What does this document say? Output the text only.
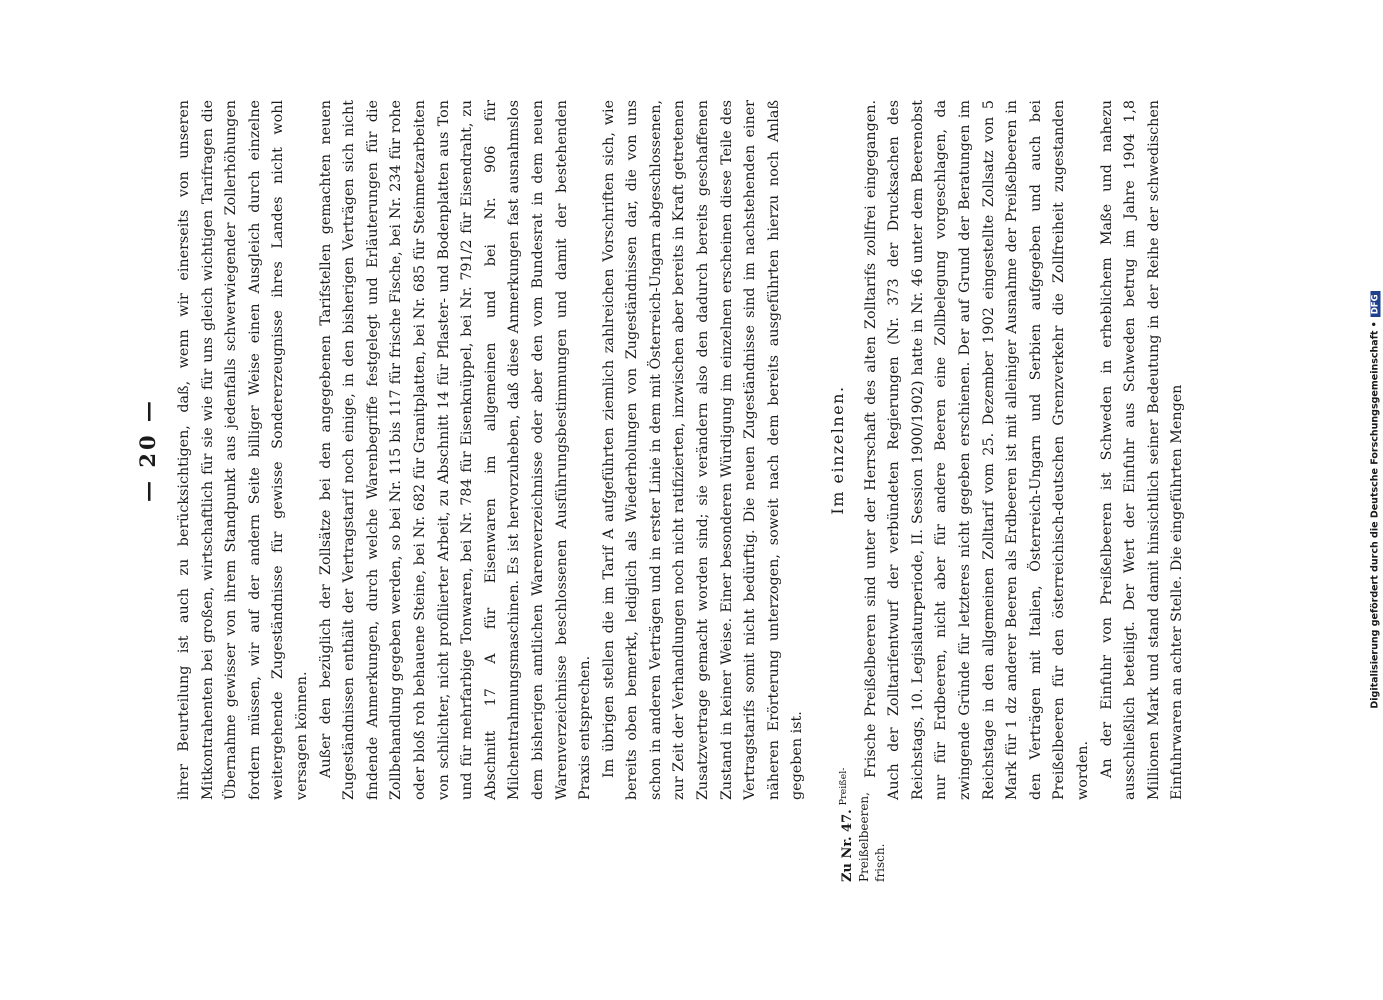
— 20 —	ihrer Beurteilung ist auch zu berücksichtigen, daß, wenn wir einerseits von unseren Mitkontrahenten bei großen, wirtschaftlich für sie wie für uns gleich wichtigen Tarifragen die Übernahme gewisser von ihrem Standpunkt aus jedenfalls schwerwiegender Zollerhöhungen fordern müssen, wir auf der andern Seite billiger Weise einen Ausgleich durch einzelne weitergehende Zugeständnisse für gewisse Sondererzeugnisse ihres Landes nicht wohl versagen können. Außer den bezüglich der Zollsätze bei den angegebenen Tarifstellen gemachten neuen Zugeständnissen enthält der Vertragstarif noch einige, in den bisherigen Verträgen sich nicht findende Anmerkungen, durch welche Warenbegriffe festgelegt und Erläuterungen für die Zollbehandlung gegeben werden, so bei Nr. 115 bis 117 für frische Fische, bei Nr. 234 für rohe oder bloß roh behauene Steine, bei Nr. 682 für Granitplatten, bei Nr. 685 für Steinmetzarbeiten von schlichter, nicht profilierter Arbeit, zu Abschnitt 14 für Pflaster- und Bodenplatten aus Ton und für mehrfarbige Tonwaren, bei Nr. 784 für Eisenknüppel, bei Nr. 791/2 für Eisendraht, zu Abschnitt 17 A für Eisenwaren im allgemeinen und bei Nr. 906 für Milchentrahmungsmaschinen. Es ist hervorzuheben, daß diese Anmerkungen fast ausnahmslos dem bisherigen amtlichen Warenverzeichnisse oder aber den vom Bundesrat in dem neuen Warenverzeichnisse beschlossenen Ausführungsbestimmungen und damit der bestehenden Praxis entsprechen. Im übrigen stellen die im Tarif A aufgeführten ziemlich zahlreichen Vorschriften sich, wie bereits oben bemerkt, lediglich als Wiederholungen von Zugeständnissen dar, die von uns schon in anderen Verträgen und in erster Linie in dem mit Österreich-Ungarn abgeschlossenen, zur Zeit der Verhandlungen noch nicht ratifizierten, inzwischen aber bereits in Kraft getretenen Zusatzvertrage gemacht worden sind; sie verändern also den dadurch bereits geschaffenen Zustand in keiner Weise. Einer besonderen Würdigung im einzelnen erscheinen diese Teile des Vertragstarifs somit nicht bedürftig. Die neuen Zugeständnisse sind im nachstehenden einer näheren Erörterung unterzogen, soweit nach dem bereits ausgeführten hierzu noch Anlaß gegeben ist.

Im einzelnen.
Zu Nr. 47.$^{Preißel-}$
Preißelbeeren, frisch.

Frische Preißelbeeren sind unter der Herrschaft des alten Zolltarifs zollfrei eingegangen. Auch der Zolltarifentwurf der verbündeten Regierungen (Nr. 373 der Drucksachen des Reichstags, 10. Legislaturperiode, II. Session 1900/1902) hatte in Nr. 46 unter dem Beerenobst nur für Erdbeeren, nicht aber für andere Beeren eine Zollbelegung vorgeschlagen, da zwingende Gründe für letzteres nicht gegeben erschienen. Der auf Grund der Beratungen im Reichstage in den allgemeinen Zolltarif vom 25. Dezember 1902 eingestellte Zollsatz von 5 Mark für 1 dz anderer Beeren als Erdbeeren ist mit alleiniger Ausnahme der Preißelbeeren in den Verträgen mit Italien, Österreich-Ungarn und Serbien aufgegeben und auch bei Preißelbeeren für den österreichisch-deutschen Grenzverkehr die Zollfreiheit zugestanden worden. An der Einfuhr von Preißelbeeren ist Schweden in erheblichem Maße und nahezu ausschließlich beteiligt. Der Wert der Einfuhr aus Schweden betrug im Jahre 1904 1,8 Millionen Mark und stand damit hinsichtlich seiner Bedeutung in der Reihe der schwedischen Einfuhrwaren an achter Stelle. Die eingeführten Mengen	Digitalisierung gefördert durch die Deutsche Forschungsgemeinschaft •DFG
